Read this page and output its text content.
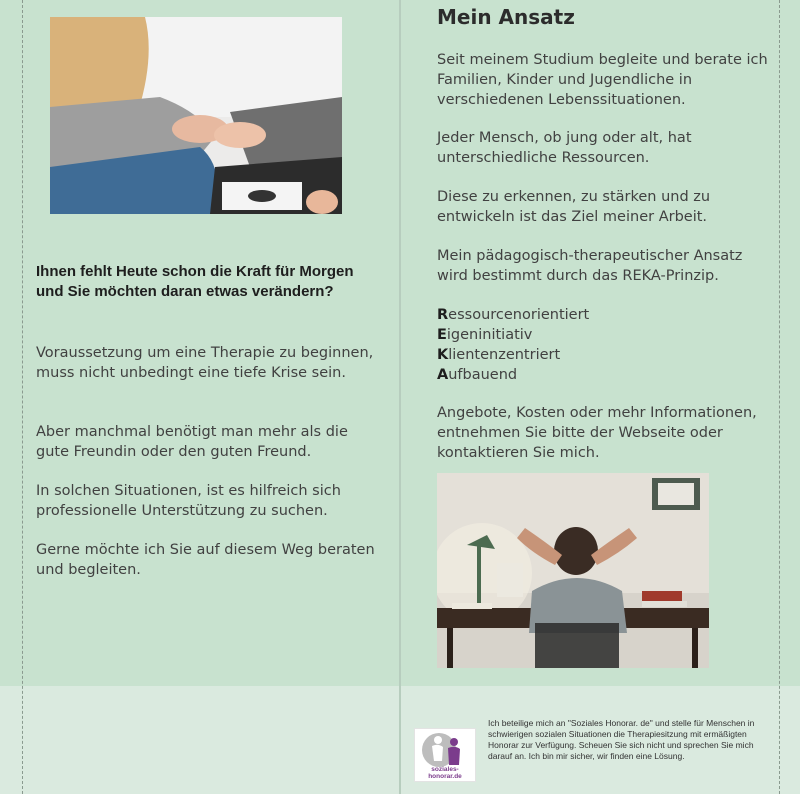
Ihnen fehlt Heute schon die Kraft für Morgen und Sie möchten daran etwas verändern?

Voraussetzung um eine Therapie zu beginnen, muss nicht unbedingt eine tiefe Krise sein.

Aber manchmal benötigt man mehr als die gute Freundin oder den guten Freund.

In solchen Situationen, ist es hilfreich sich professionelle Unterstützung zu suchen.

Gerne möchte ich Sie auf diesem Weg beraten und begleiten.

Mein Ansatz

Seit meinem Studium begleite und berate ich Familien, Kinder und Jugendliche in verschiedenen Lebenssituationen.

Jeder Mensch, ob jung oder alt, hat unterschiedliche Ressourcen.

Diese zu erkennen, zu stärken und zu entwickeln ist das Ziel meiner Arbeit.

Mein pädagogisch-therapeutischer Ansatz wird bestimmt durch das REKA-Prinzip.

Ressourcenorientiert
Eigeninitiativ
Klientenzentriert
Aufbauend

Angebote, Kosten oder mehr Informationen, entnehmen Sie bitte der Webseite oder kontaktieren Sie mich.

soziales-honorar.de

Ich beteilige mich an "Soziales Honorar. de" und stelle für Menschen in schwierigen sozialen Situationen die Therapiesitzung mit ermäßigten Honorar zur Verfügung. Scheuen Sie sich nicht und sprechen Sie mich darauf an. Ich bin mir sicher, wir finden eine Lösung.
